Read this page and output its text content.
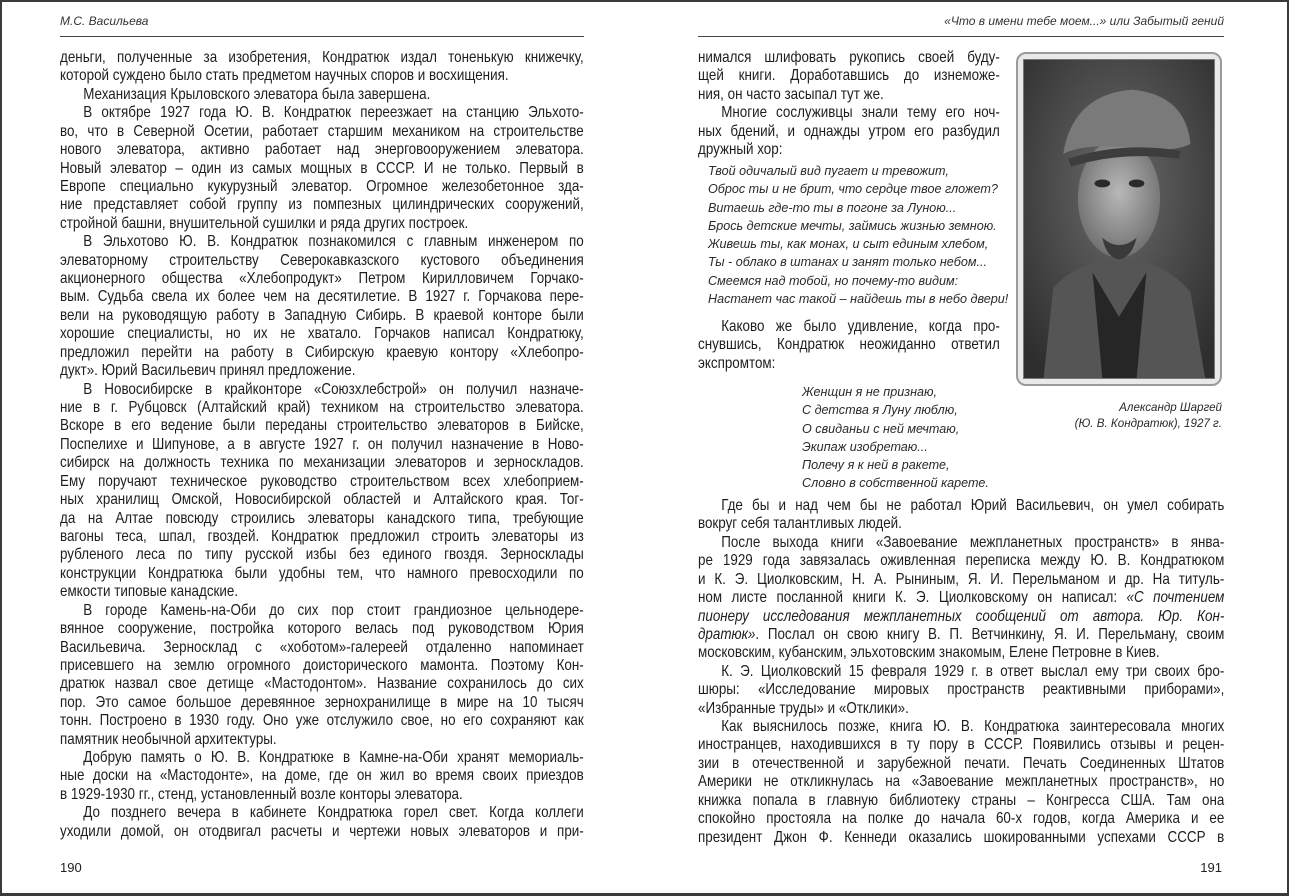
М.С. Васильева
деньги, полученные за изобретения, Кондратюк издал тоненькую книжечку,
которой суждено было стать предметом научных споров и восхищения.
Механизация Крыловского элеватора была завершена.
В октябре 1927 года Ю. В. Кондратюк переезжает на станцию Эльхото-
во, что в Северной Осетии, работает старшим механиком на строительстве
нового элеватора, активно работает над энерговооружением элеватора.
Новый элеватор – один из самых мощных в СССР. И не только. Первый в
Европе специально кукурузный элеватор. Огромное железобетонное зда-
ние представляет собой группу из помпезных цилиндрических сооружений,
стройной башни, внушительной сушилки и ряда других построек.
В Эльхотово Ю. В. Кондратюк познакомился с главным инженером по
элеваторному строительству Северокавказского кустового объединения
акционерного общества «Хлебопродукт» Петром Кирилловичем Горчако-
вым. Судьба свела их более чем на десятилетие. В 1927 г. Горчакова пере-
вели на руководящую работу в Западную Сибирь. В краевой конторе были
хорошие специалисты, но их не хватало. Горчаков написал Кондратюку,
предложил перейти на работу в Сибирскую краевую контору «Хлебопро-
дукт». Юрий Васильевич принял предложение.
В Новосибирске в крайконторе «Союзхлебстрой» он получил назначе-
ние в г. Рубцовск (Алтайский край) техником на строительство элеватора.
Вскоре в его ведение были переданы строительство элеваторов в Бийске,
Поспелихе и Шипунове, а в августе 1927 г. он получил назначение в Ново-
сибирск на должность техника по механизации элеваторов и зерноскладов.
Ему поручают техническое руководство строительством всех хлебоприем-
ных хранилищ Омской, Новосибирской областей и Алтайского края. Тог-
да на Алтае повсюду строились элеваторы канадского типа, требующие
вагоны теса, шпал, гвоздей. Кондратюк предложил строить элеваторы из
рубленого леса по типу русской избы без единого гвоздя. Зерносклады
конструкции Кондратюка были удобны тем, что намного превосходили по
емкости типовые канадские.
В городе Камень-на-Оби до сих пор стоит грандиозное цельнодере-
вянное сооружение, постройка которого велась под руководством Юрия
Васильевича. Зерносклад с «хоботом»-галереей отдаленно напоминает
присевшего на землю огромного доисторического мамонта. Поэтому Кон-
дратюк назвал свое детище «Мастодонтом». Название сохранилось до сих
пор. Это самое большое деревянное зернохранилище в мире на 10 тысяч
тонн. Построено в 1930 году. Оно уже отслужило свое, но его сохраняют как
памятник необычной архитектуры.
Добрую память о Ю. В. Кондратюке в Камне-на-Оби хранят мемориаль-
ные доски на «Мастодонте», на доме, где он жил во время своих приездов
в 1929-1930 гг., стенд, установленный возле конторы элеватора.
До позднего вечера в кабинете Кондратюка горел свет. Когда коллеги
уходили домой, он отодвигал расчеты и чертежи новых элеваторов и при-
190
«Что в имени тебе моем...» или Забытый гений
нимался шлифовать рукопись своей буду-
щей книги. Доработавшись до изнеможе-
ния, он часто засыпал тут же.
Многие сослуживцы знали тему его ноч-
ных бдений, и однажды утром его разбудил
дружный хор:
Твой одичалый вид пугает и тревожит,
Оброс ты и не брит, что сердце твое гложет?
Витаешь где-то ты в погоне за Луною...
Брось детские мечты, займись жизнью земною.
Живешь ты, как монах, и сыт единым хлебом,
Ты - облако в штанах и занят только небом...
Смеемся над тобой, но почему-то видим:
Настанет час такой – найдешь ты в небо двери!
Каково же было удивление, когда про-
снувшись, Кондратюк неожиданно ответил
экспромтом:
Женщин я не признаю,
С детства я Луну люблю,
О свиданьи с ней мечтаю,
Экипаж изобретаю...
Полечу я к ней в ракете,
Словно в собственной карете.
Александр Шаргей
(Ю. В. Кондратюк), 1927 г.
Где бы и над чем бы не работал Юрий Васильевич, он умел собирать
вокруг себя талантливых людей.
После выхода книги «Завоевание межпланетных пространств» в янва-
ре 1929 года завязалась оживленная переписка между Ю. В. Кондратюком
и К. Э. Циолковским, Н. А. Рыниным, Я. И. Перельманом и др. На титуль-
ном листе посланной книги К. Э. Циолковскому он написал: «С почтением
пионеру исследования межпланетных сообщений от автора. Юр. Кон-
дратюк». Послал он свою книгу В. П. Ветчинкину, Я. И. Перельману, своим
московским, кубанским, эльхотовским знакомым, Елене Петровне в Киев.
К. Э. Циолковский 15 февраля 1929 г. в ответ выслал ему три своих бро-
шюры: «Исследование мировых пространств реактивными приборами»,
«Избранные труды» и «Отклики».
Как выяснилось позже, книга Ю. В. Кондратюка заинтересовала многих
иностранцев, находившихся в ту пору в СССР. Появились отзывы и рецен-
зии в отечественной и зарубежной печати. Печать Соединенных Штатов
Америки не откликнулась на «Завоевание межпланетных пространств», но
книжка попала в главную библиотеку страны – Конгресса США. Там она
спокойно простояла на полке до начала 60-х годов, когда Америка и ее
президент Джон Ф. Кеннеди оказались шокированными успехами СССР в
191
